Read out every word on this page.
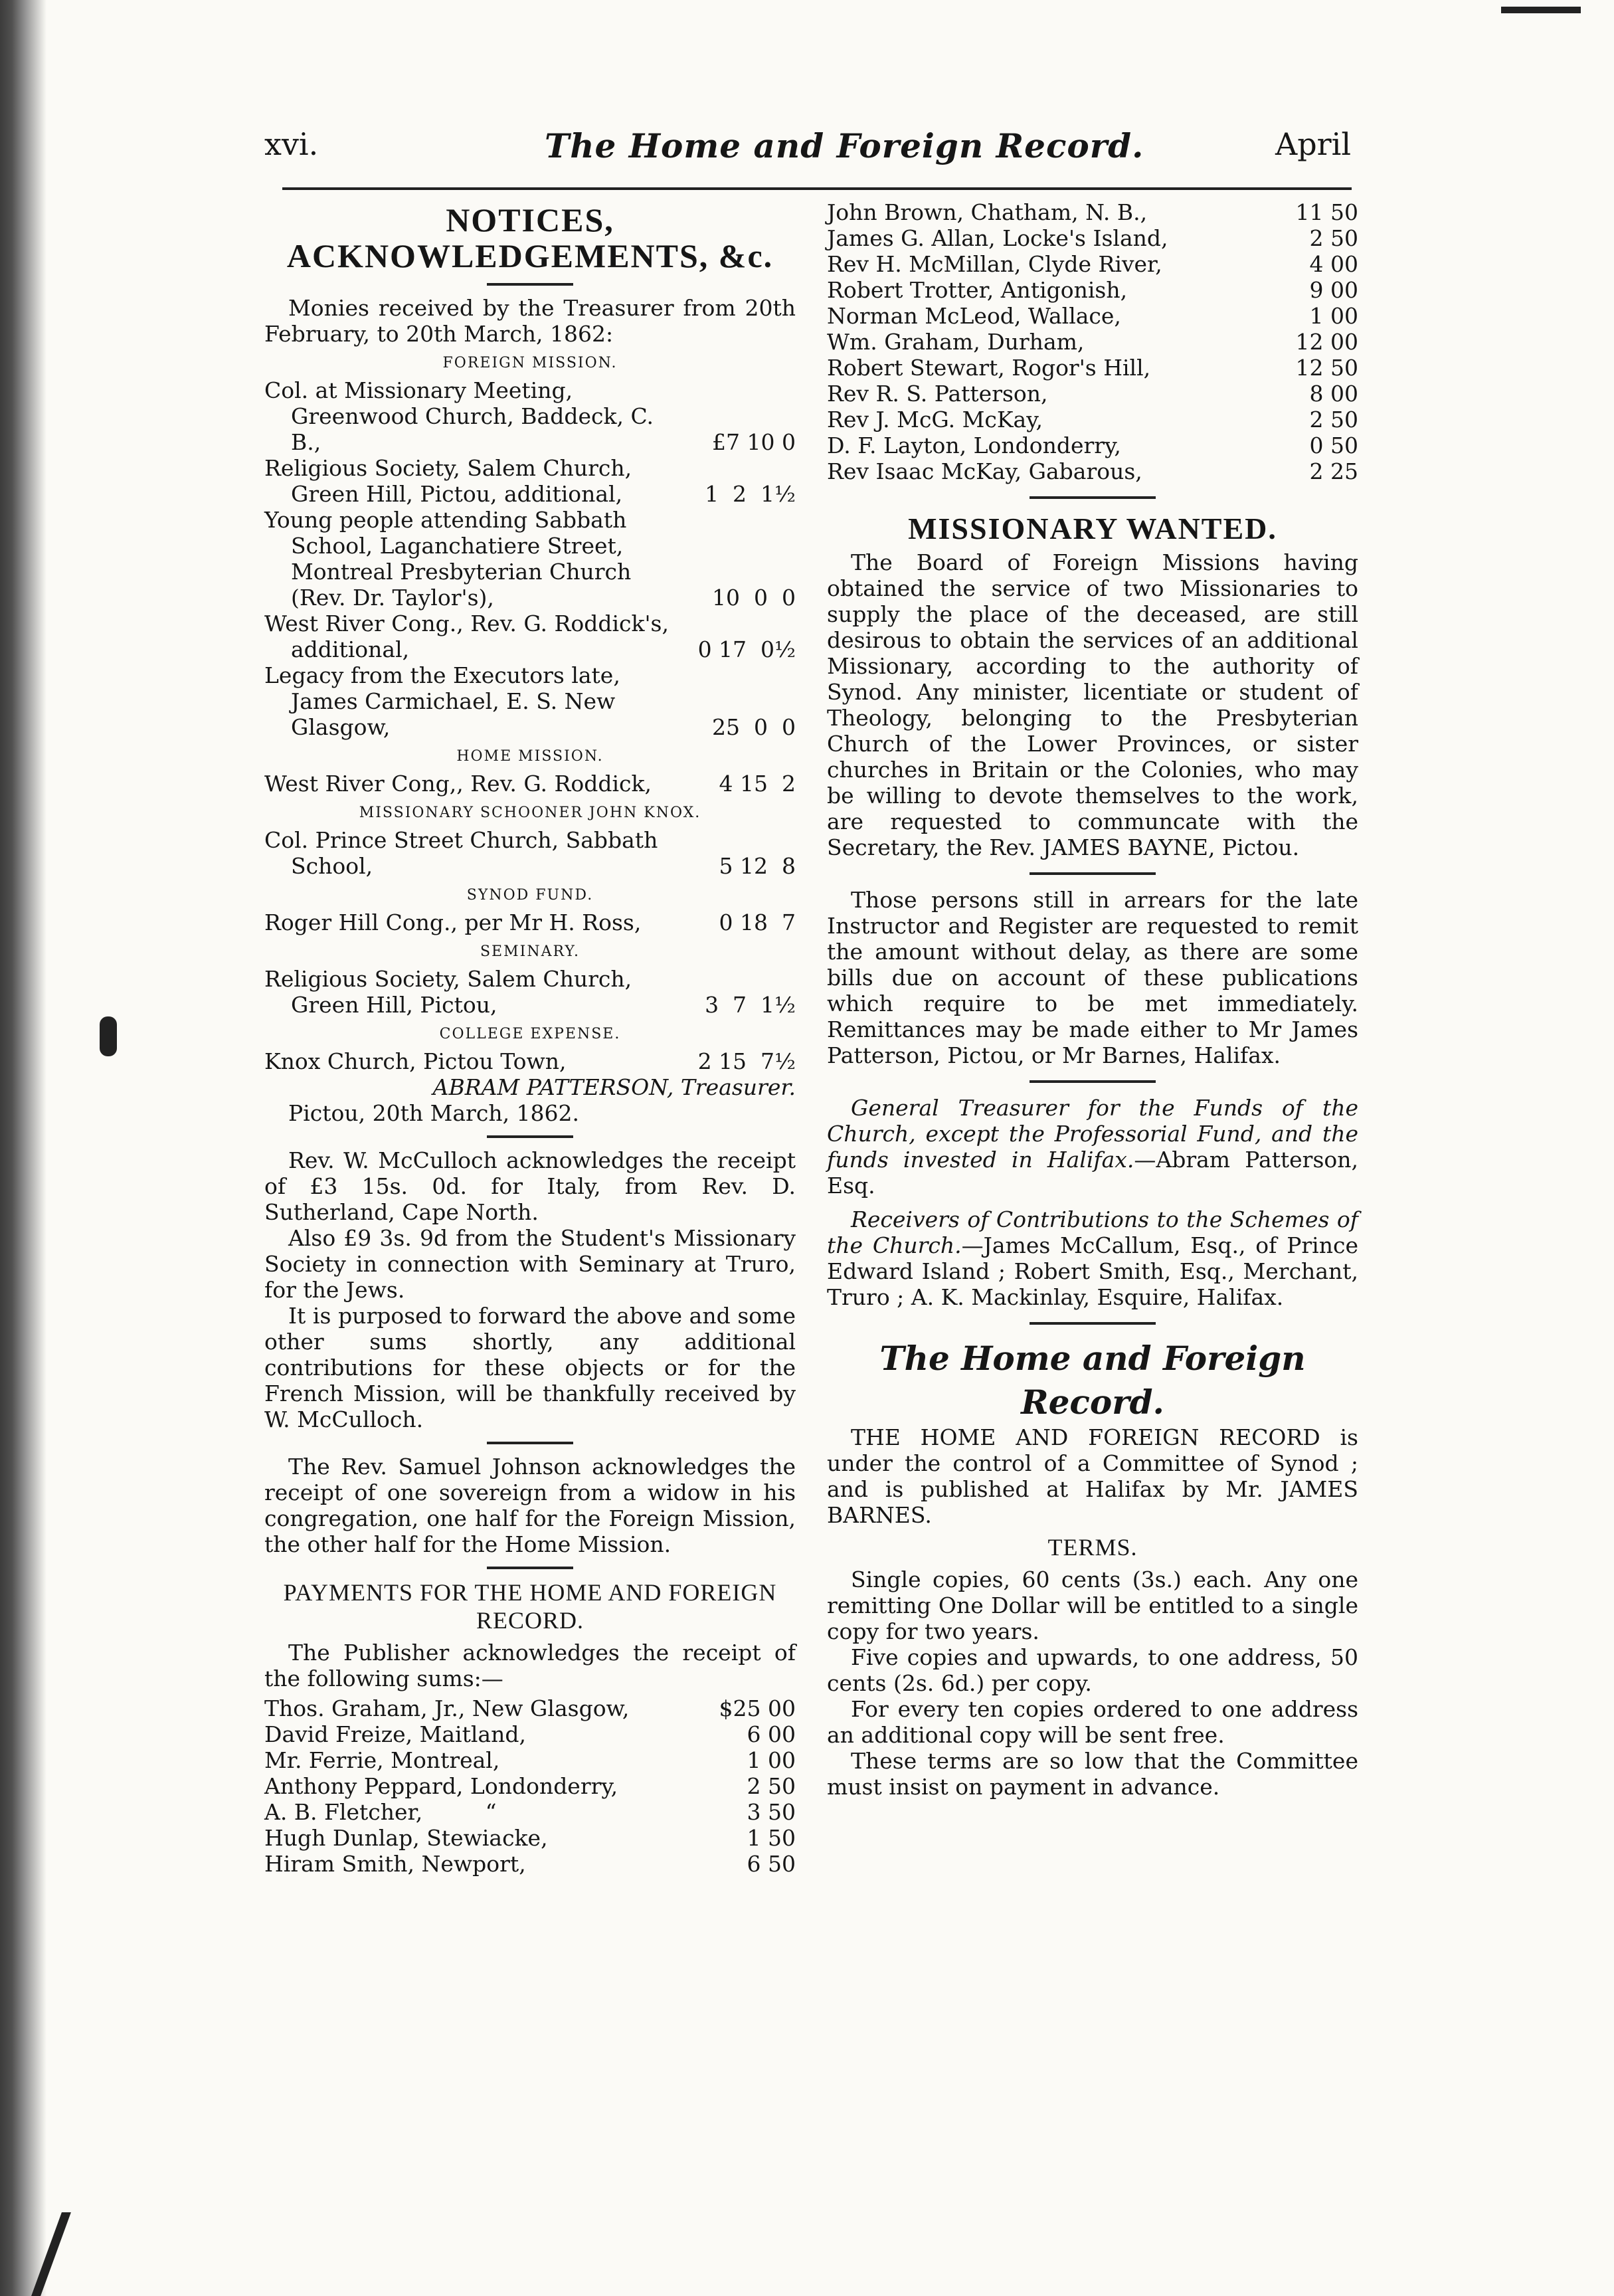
xvi.	The Home and Foreign Record.	April
NOTICES, ACKNOWLEDGEMENTS, &c.

Monies received by the Treasurer from 20th February, to 20th March, 1862:

FOREIGN MISSION.

Col. at Missionary Meeting, Greenwood Church, Baddeck, C. B.,	£7 10 0

Religious Society, Salem Church, Green Hill, Pictou, additional,	1  2  1½

Young people attending Sabbath School, Laganchatiere Street, Montreal Presbyterian Church (Rev. Dr. Taylor's),	10  0  0

West River Cong., Rev. G. Roddick's, additional,	0 17  0½

Legacy from the Executors late, James Carmichael, E. S. New Glasgow,	25  0  0

HOME MISSION.

West River Cong,, Rev. G. Roddick,	4 15  2

MISSIONARY SCHOONER JOHN KNOX.

Col. Prince Street Church, Sabbath School,	5 12  8

SYNOD FUND.

Roger Hill Cong., per Mr H. Ross,	0 18  7

SEMINARY.

Religious Society, Salem Church, Green Hill, Pictou,	3  7  1½

COLLEGE EXPENSE.

Knox Church, Pictou Town,	2 15  7½

ABRAM PATTERSON, Treasurer.

Pictou, 20th March, 1862.

Rev. W. McCulloch acknowledges the receipt of £3 15s. 0d. for Italy, from Rev. D. Sutherland, Cape North.

Also £9 3s. 9d from the Student's Missionary Society in connection with Seminary at Truro, for the Jews.

It is purposed to forward the above and some other sums shortly, any additional contributions for these objects or for the French Mission, will be thankfully received by W. McCulloch.

The Rev. Samuel Johnson acknowledges the receipt of one sovereign from a widow in his congregation, one half for the Foreign Mission, the other half for the Home Mission.

PAYMENTS FOR THE HOME AND FOREIGN RECORD.

The Publisher acknowledges the receipt of the following sums:—

Thos. Graham, Jr., New Glasgow,	$25 00

David Freize, Maitland,	6 00

Mr. Ferrie, Montreal,	1 00

Anthony Peppard, Londonderry,	2 50

A. B. Fletcher,         “	3 50

Hugh Dunlap, Stewiacke,	1 50

Hiram Smith, Newport,	6 50

John Brown, Chatham, N. B.,	11 50

James G. Allan, Locke's Island,	2 50

Rev H. McMillan, Clyde River,	4 00

Robert Trotter, Antigonish,	9 00

Norman McLeod, Wallace,	1 00

Wm. Graham, Durham,	12 00

Robert Stewart, Rogor's Hill,	12 50

Rev R. S. Patterson,	8 00

Rev J. McG. McKay,	2 50

D. F. Layton, Londonderry,	0 50

Rev Isaac McKay, Gabarous,	2 25

MISSIONARY WANTED.

The Board of Foreign Missions having obtained the service of two Missionaries to supply the place of the deceased, are still desirous to obtain the services of an additional Missionary, according to the authority of Synod. Any minister, licentiate or student of Theology, belonging to the Presbyterian Church of the Lower Provinces, or sister churches in Britain or the Colonies, who may be willing to devote themselves to the work, are requested to communcate with the Secretary, the Rev. JAMES BAYNE, Pictou.

Those persons still in arrears for the late Instructor and Register are requested to remit the amount without delay, as there are some bills due on account of these publications which require to be met immediately. Remittances may be made either to Mr James Patterson, Pictou, or Mr Barnes, Halifax.

General Treasurer for the Funds of the Church, except the Professorial Fund, and the funds invested in Halifax.—Abram Patterson, Esq.

Receivers of Contributions to the Schemes of the Church.—James McCallum, Esq., of Prince Edward Island ; Robert Smith, Esq., Merchant, Truro ; A. K. Mackinlay, Esquire, Halifax.

The Home and Foreign Record.

THE HOME AND FOREIGN RECORD is under the control of a Committee of Synod ; and is published at Halifax by Mr. JAMES BARNES.

TERMS.

Single copies, 60 cents (3s.) each. Any one remitting One Dollar will be entitled to a single copy for two years.

Five copies and upwards, to one address, 50 cents (2s. 6d.) per copy.

For every ten copies ordered to one address an additional copy will be sent free.

These terms are so low that the Committee must insist on payment in advance.
